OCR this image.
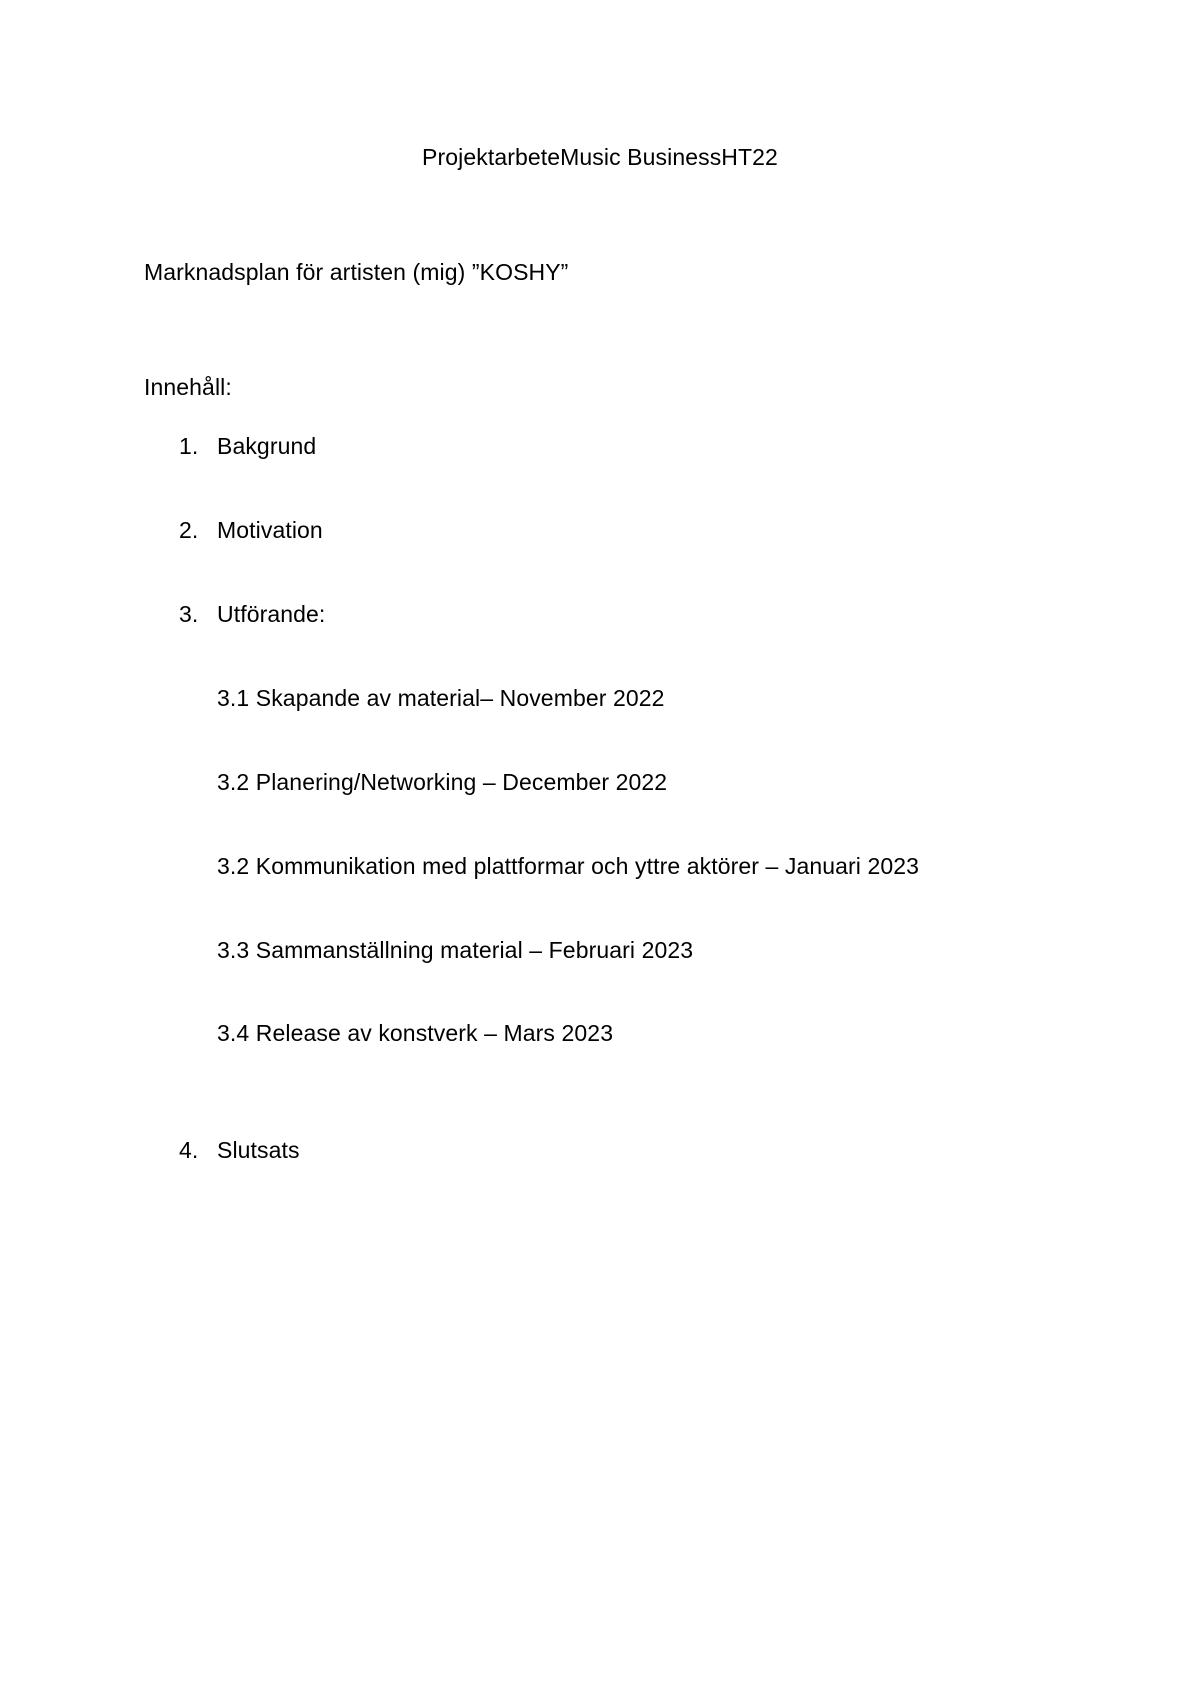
ProjektarbeteMusic BusinessHT22
Marknadsplan för artisten (mig) ”KOSHY”
Innehåll:
1. Bakgrund
2. Motivation
3. Utförande:
3.1 Skapande av material– November 2022
3.2 Planering/Networking – December 2022
3.2 Kommunikation med plattformar och yttre aktörer – Januari 2023
3.3 Sammanställning material – Februari 2023
3.4 Release av konstverk – Mars 2023
4. Slutsats
